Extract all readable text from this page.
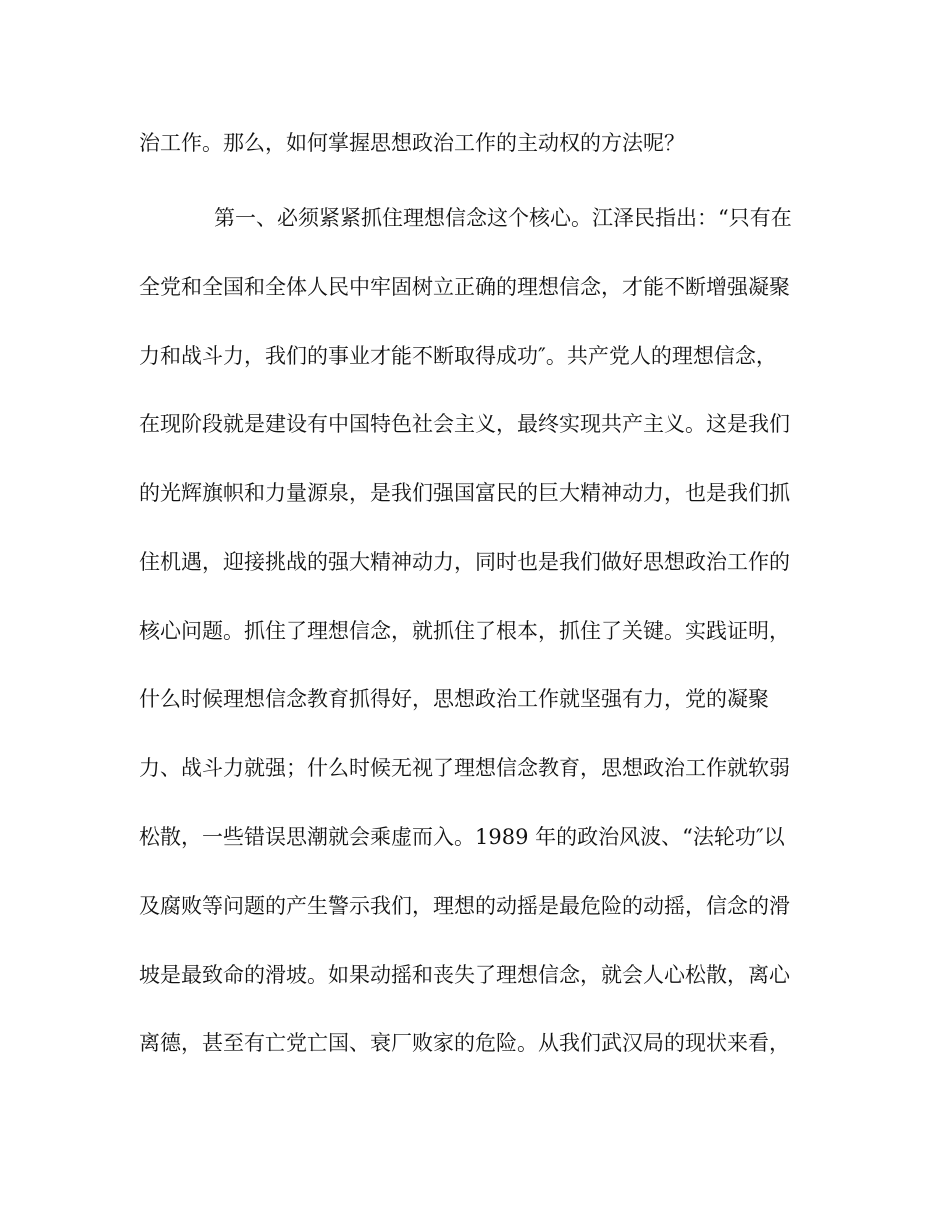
治工作。那么，如何掌握思想政治工作的主动权的方法呢？
第一、必须紧紧抓住理想信念这个核心。江泽民指出：“只有在
全党和全国和全体人民中牢固树立正确的理想信念，才能不断增强凝聚
力和战斗力，我们的事业才能不断取得成功″。共产党人的理想信念，
在现阶段就是建设有中国特色社会主义，最终实现共产主义。这是我们
的光辉旗帜和力量源泉，是我们强国富民的巨大精神动力，也是我们抓
住机遇，迎接挑战的强大精神动力，同时也是我们做好思想政治工作的
核心问题。抓住了理想信念，就抓住了根本，抓住了关键。实践证明，
什么时候理想信念教育抓得好，思想政治工作就坚强有力，党的凝聚
力、战斗力就强；什么时候无视了理想信念教育，思想政治工作就软弱
松散，一些错误思潮就会乘虚而入。1989 年的政治风波、“法轮功″以
及腐败等问题的产生警示我们，理想的动摇是最危险的动摇，信念的滑
坡是最致命的滑坡。如果动摇和丧失了理想信念，就会人心松散，离心
离德，甚至有亡党亡国、衰厂败家的危险。从我们武汉局的现状来看，
